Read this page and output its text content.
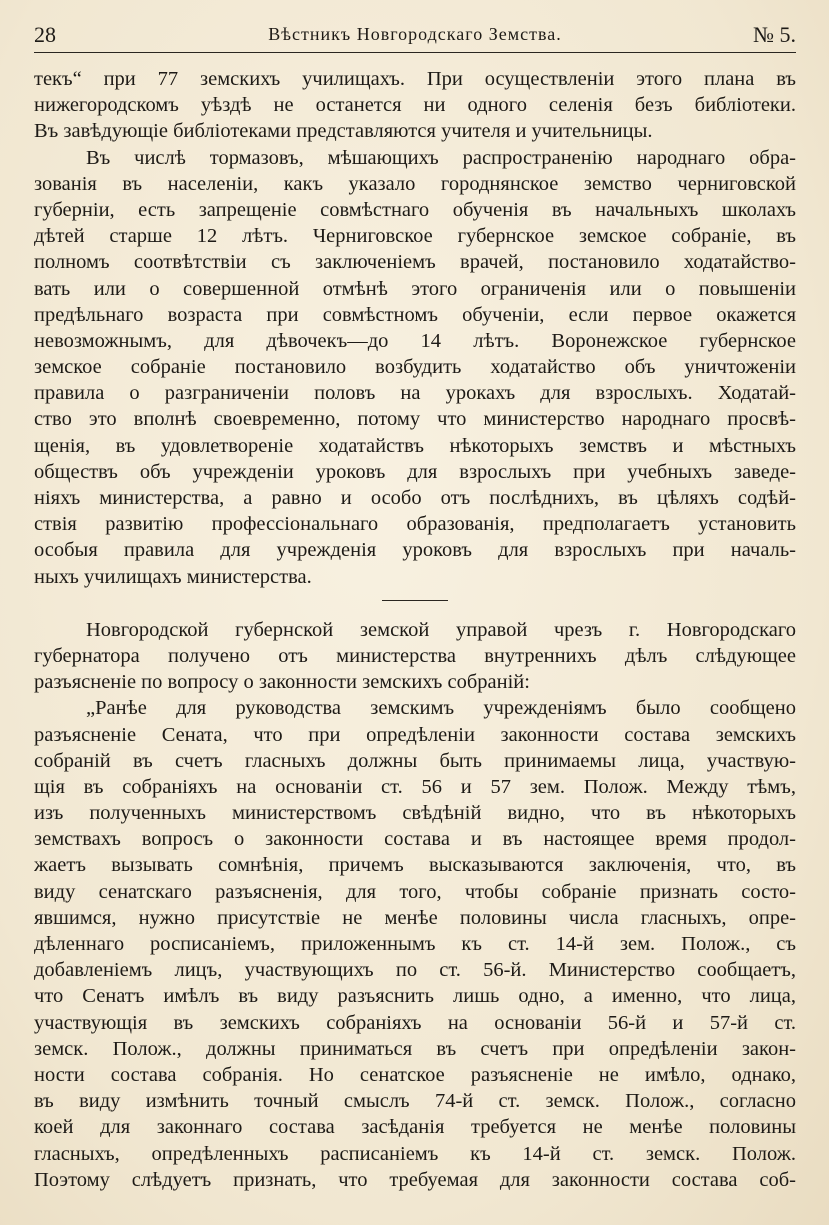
28	Вѣстникъ Новгородскаго Земства.	№ 5.
текъ“ при 77 земскихъ училищахъ. При осуществленіи этого плана въ
нижегородскомъ уѣздѣ не останется ни одного селенія безъ библіотеки.
Въ завѣдующіе библіотеками представляются учителя и учительницы.
Въ числѣ тормазовъ, мѣшающихъ распространенію народнаго обра-
зованія въ населеніи, какъ указало городнянское земство черниговской
губерніи, есть запрещеніе совмѣстнаго обученія въ начальныхъ школахъ
дѣтей старше 12 лѣтъ. Черниговское губернское земское собраніе, въ
полномъ соотвѣтствіи съ заключеніемъ врачей, постановило ходатайство-
вать или о совершенной отмѣнѣ этого ограниченія или о повышеніи
предѣльнаго возраста при совмѣстномъ обученіи, если первое окажется
невозможнымъ, для дѣвочекъ—до 14 лѣтъ. Воронежское губернское
земское собраніе постановило возбудить ходатайство объ уничтоженіи
правила о разграниченіи половъ на урокахъ для взрослыхъ. Ходатай-
ство это вполнѣ своевременно, потому что министерство народнаго просвѣ-
щенія, въ удовлетвореніе ходатайствъ нѣкоторыхъ земствъ и мѣстныхъ
обществъ объ учрежденіи уроковъ для взрослыхъ при учебныхъ заведе-
ніяхъ министерства, а равно и особо отъ послѣднихъ, въ цѣляхъ содѣй-
ствія развитію профессіональнаго образованія, предполагаетъ установить
особыя правила для учрежденія уроковъ для взрослыхъ при началь-
ныхъ училищахъ министерства.
Новгородской губернской земской управой чрезъ г. Новгородскаго
губернатора получено отъ министерства внутреннихъ дѣлъ слѣдующее
разъясненіе по вопросу о законности земскихъ собраній:
„Ранѣе для руководства земскимъ учрежденіямъ было сообщено
разъясненіе Сената, что при опредѣленіи законности состава земскихъ
собраній въ счетъ гласныхъ должны быть принимаемы лица, участвую-
щія въ собраніяхъ на основаніи ст. 56 и 57 зем. Полож. Между тѣмъ,
изъ полученныхъ министерствомъ свѣдѣній видно, что въ нѣкоторыхъ
земствахъ вопросъ о законности состава и въ настоящее время продол-
жаетъ вызывать сомнѣнія, причемъ высказываются заключенія, что, въ
виду сенатскаго разъясненія, для того, чтобы собраніе признать состо-
явшимся, нужно присутствіе не менѣе половины числа гласныхъ, опре-
дѣленнаго росписаніемъ, приложеннымъ къ ст. 14-й зем. Полож., съ
добавленіемъ лицъ, участвующихъ по ст. 56-й. Министерство сообщаетъ,
что Сенатъ имѣлъ въ виду разъяснить лишь одно, а именно, что лица,
участвующія въ земскихъ собраніяхъ на основаніи 56-й и 57-й ст.
земск. Полож., должны приниматься въ счетъ при опредѣленіи закон-
ности состава собранія. Но сенатское разъясненіе не имѣло, однако,
въ виду измѣнить точный смыслъ 74-й ст. земск. Полож., согласно
коей для законнаго состава засѣданія требуется не менѣе половины
гласныхъ, опредѣленныхъ расписаніемъ къ 14-й ст. земск. Полож.
Поэтому слѣдуетъ признать, что требуемая для законности состава соб-
